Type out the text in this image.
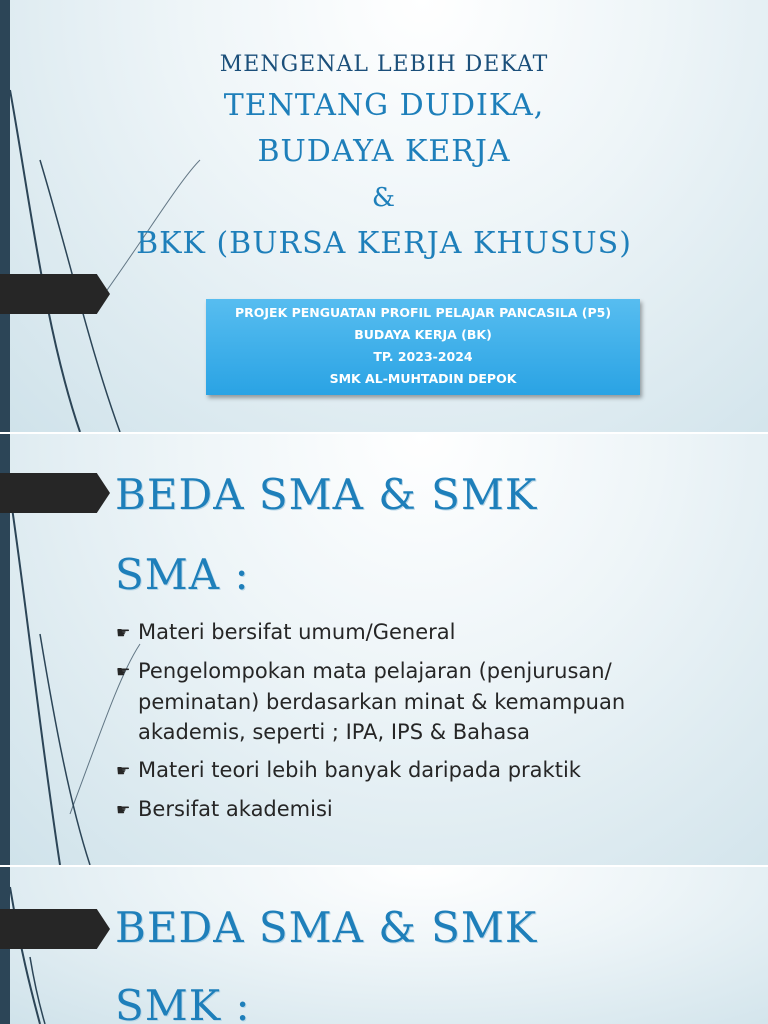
MENGENAL LEBIH DEKAT
TENTANG DUDIKA,
BUDAYA KERJA
&
BKK (BURSA KERJA KHUSUS)
PROJEK PENGUATAN PROFIL PELAJAR PANCASILA (P5)
BUDAYA KERJA (BK)
TP. 2023-2024
SMK AL-MUHTADIN DEPOK
BEDA SMA & SMK
SMA :
☛ Materi bersifat umum/General
☛ Pengelompokan mata pelajaran (penjurusan/
peminatan) berdasarkan minat & kemampuan
akademis, seperti ; IPA, IPS & Bahasa
☛ Materi teori lebih banyak daripada praktik
☛ Bersifat akademisi
BEDA SMA & SMK
SMK :
